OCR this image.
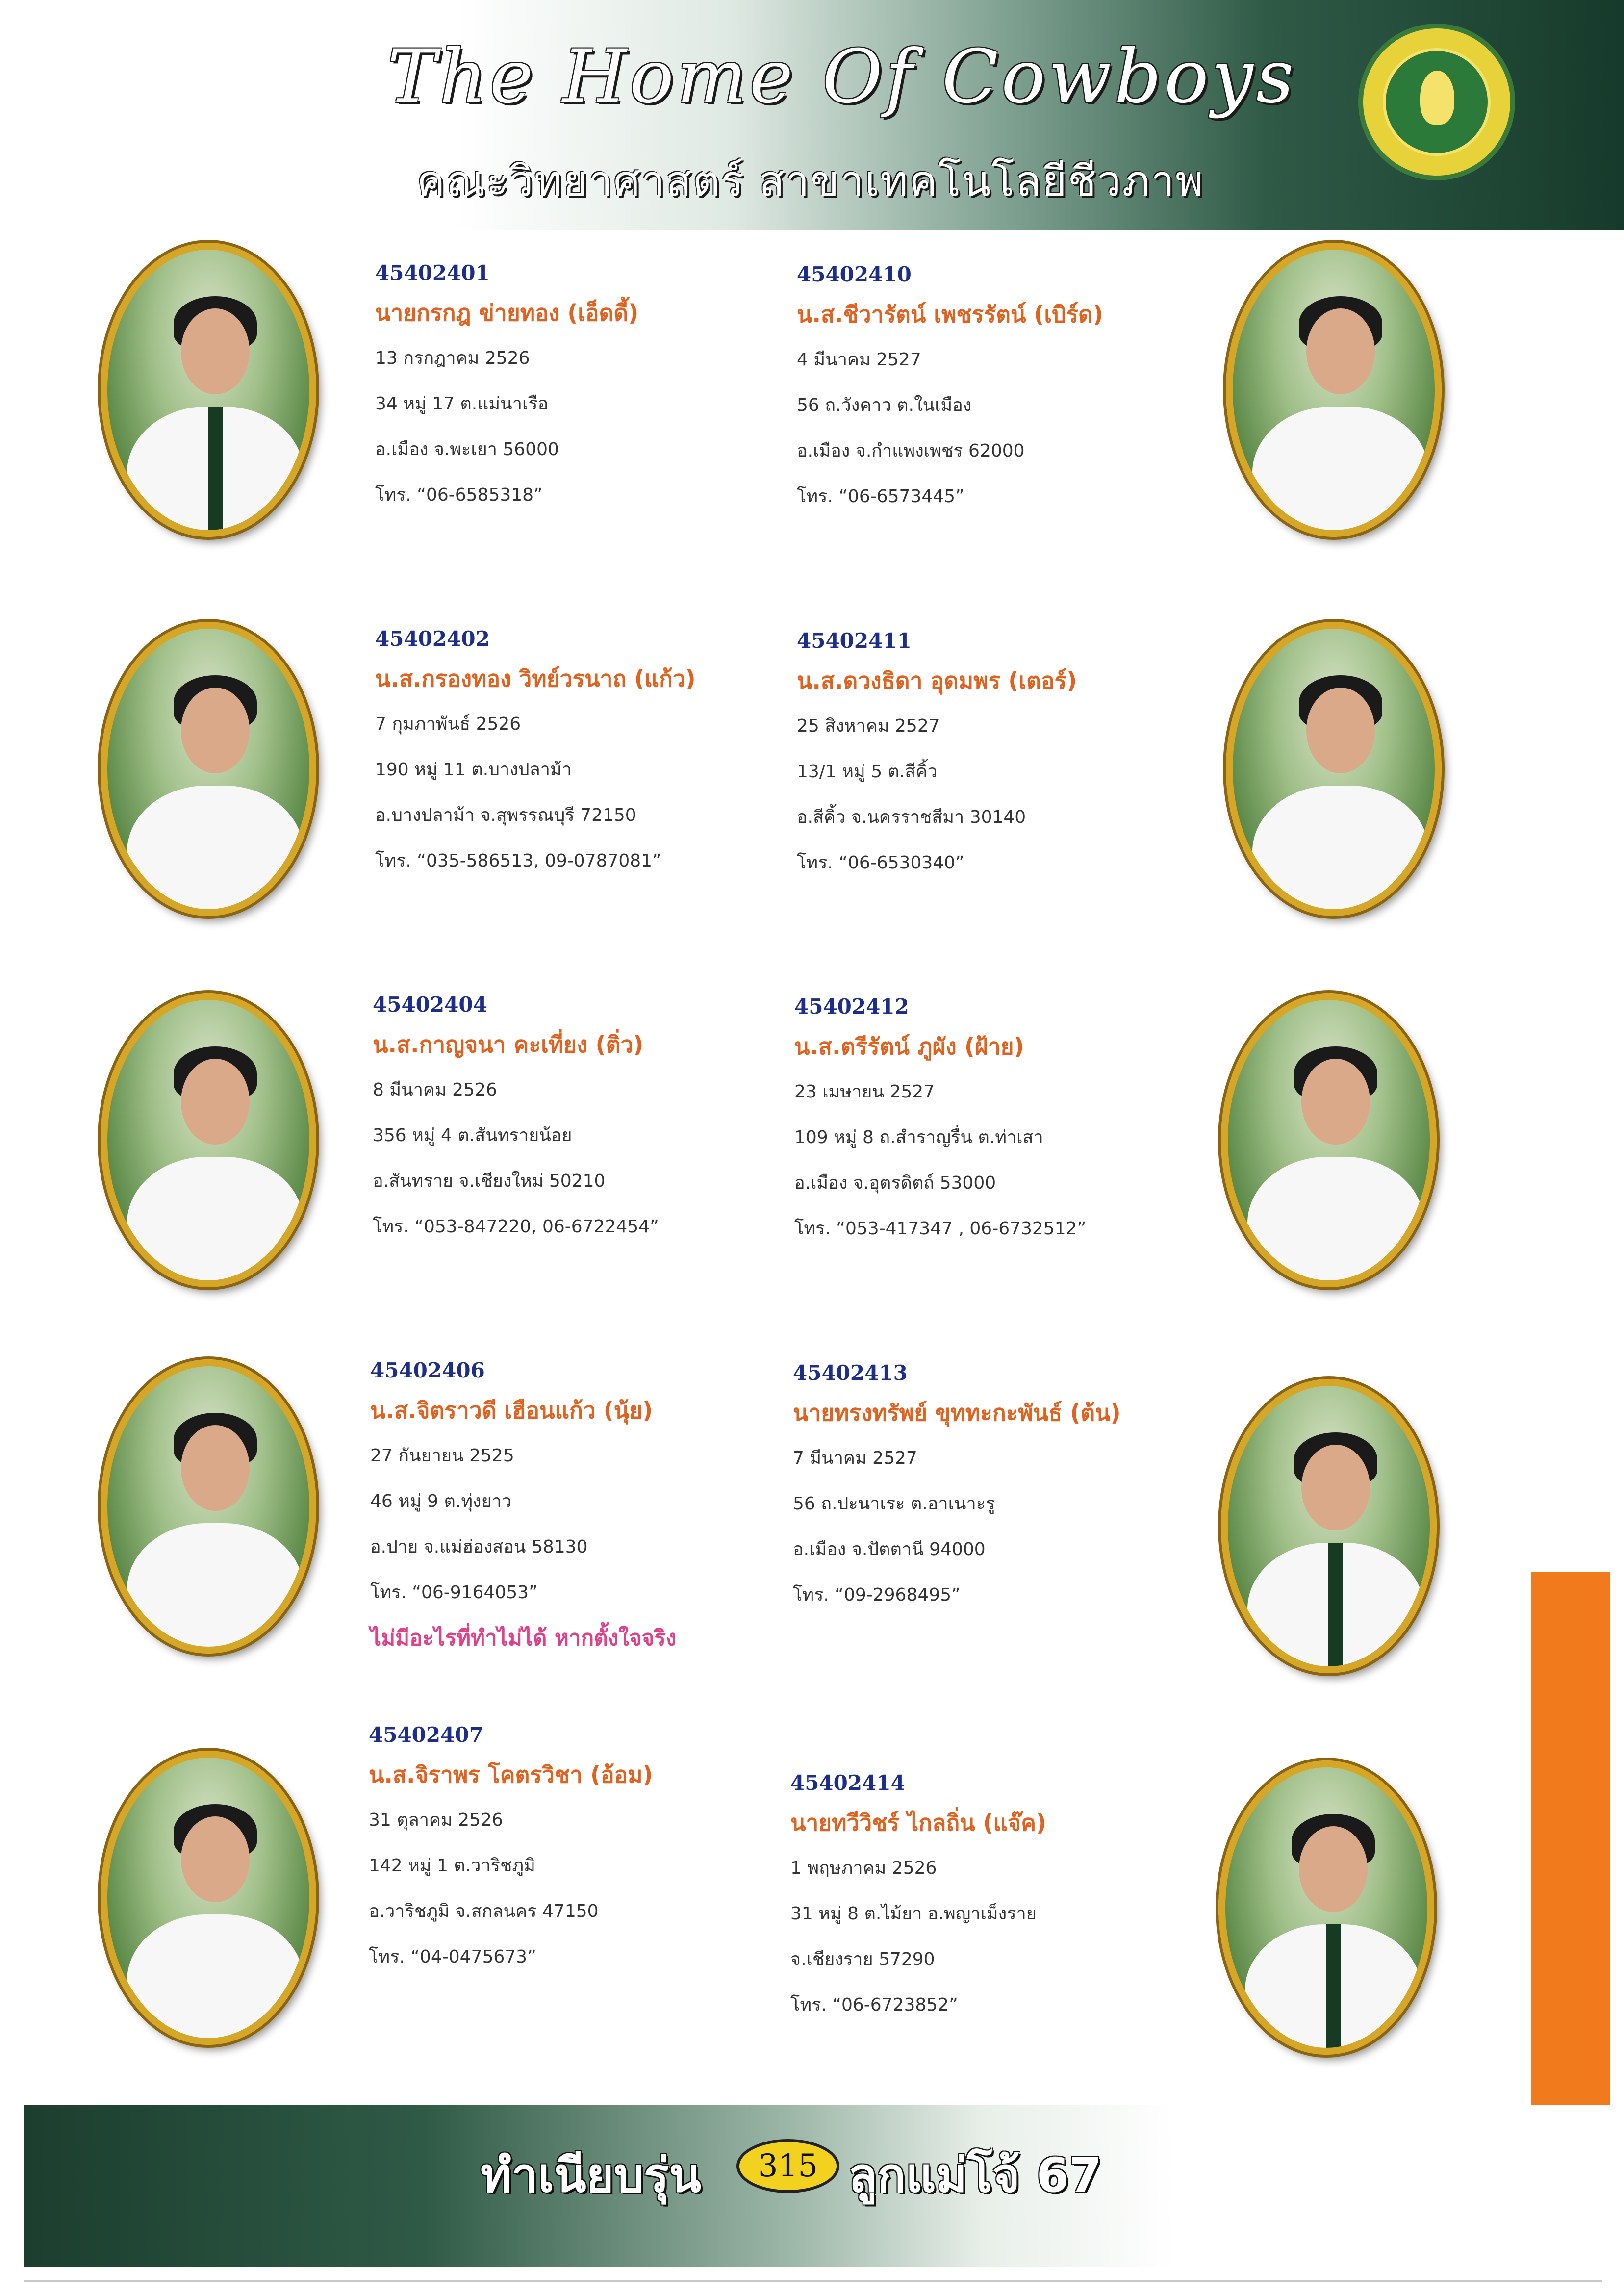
The Home Of Cowboys
คณะวิทยาศาสตร์ สาขาเทคโนโลยีชีวภาพ
45402401
นายกรกฎ ข่ายทอง (เอ็ดดี้)
13 กรกฎาคม 2526
34 หมู่ 17 ต.แม่นาเรือ
อ.เมือง จ.พะเยา 56000
โทร. “06-6585318”
45402410
น.ส.ชีวารัตน์ เพชรรัตน์ (เบิร์ด)
4 มีนาคม 2527
56 ถ.วังคาว ต.ในเมือง
อ.เมือง จ.กำแพงเพชร 62000
โทร. “06-6573445”
45402402
น.ส.กรองทอง วิทย์วรนาถ (แก้ว)
7 กุมภาพันธ์ 2526
190 หมู่ 11 ต.บางปลาม้า
อ.บางปลาม้า จ.สุพรรณบุรี 72150
โทร. “035-586513, 09-0787081”
45402411
น.ส.ดวงธิดา อุดมพร (เตอร์)
25 สิงหาคม 2527
13/1 หมู่ 5 ต.สีคิ้ว
อ.สีคิ้ว จ.นครราชสีมา 30140
โทร. “06-6530340”
45402404
น.ส.กาญจนา คะเที่ยง (ติ่ว)
8 มีนาคม 2526
356 หมู่ 4 ต.สันทรายน้อย
อ.สันทราย จ.เชียงใหม่ 50210
โทร. “053-847220, 06-6722454”
45402412
น.ส.ตรีรัตน์ ภูผัง (ฝ้าย)
23 เมษายน 2527
109 หมู่ 8 ถ.สำราญรื่น ต.ท่าเสา
อ.เมือง จ.อุตรดิตถ์ 53000
โทร. “053-417347 , 06-6732512”
45402406
น.ส.จิตราวดี เฮือนแก้ว (นุ้ย)
27 กันยายน 2525
46 หมู่ 9 ต.ทุ่งยาว
อ.ปาย จ.แม่ฮ่องสอน 58130
โทร. “06-9164053”
ไม่มีอะไรที่ทำไม่ได้ หากตั้งใจจริง
45402413
นายทรงทรัพย์ ขุททะกะพันธ์ (ต้น)
7 มีนาคม 2527
56 ถ.ปะนาเระ ต.อาเนาะรู
อ.เมือง จ.ปัตตานี 94000
โทร. “09-2968495”
45402407
น.ส.จิราพร โคตรวิชา (อ้อม)
31 ตุลาคม 2526
142 หมู่ 1 ต.วาริชภูมิ
อ.วาริชภูมิ จ.สกลนคร 47150
โทร. “04-0475673”
45402414
นายทวีวิชร์ ไกลถิ่น (แจ๊ค)
1 พฤษภาคม 2526
31 หมู่ 8 ต.ไม้ยา อ.พญาเม็งราย
จ.เชียงราย 57290
โทร. “06-6723852”
ทำเนียบรุ่น	315 ลูกแม่โจ้ 67
